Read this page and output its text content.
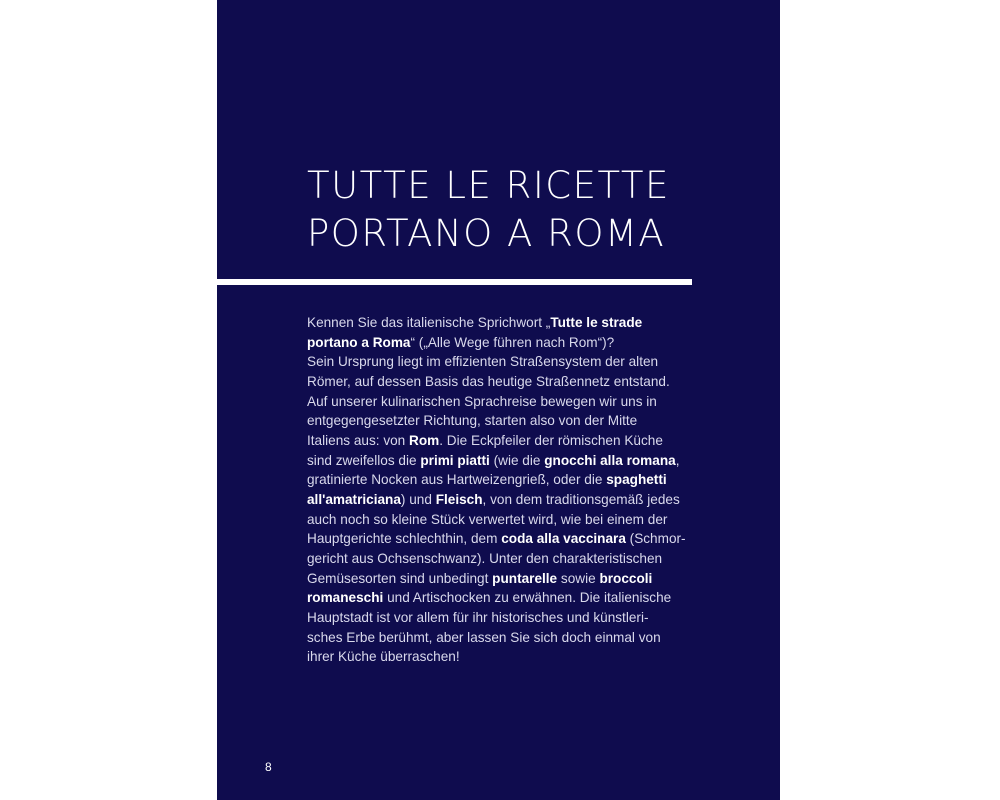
TUTTE LE RICETTE
PORTANO A ROMA

Kennen Sie das italienische Sprichwort „Tutte le strade
portano a Roma“ („Alle Wege führen nach Rom“)?
Sein Ursprung liegt im effizienten Straßensystem der alten
Römer, auf dessen Basis das heutige Straßennetz entstand.
Auf unserer kulinarischen Sprachreise bewegen wir uns in
entgegengesetzter Richtung, starten also von der Mitte
Italiens aus: von Rom. Die Eckpfeiler der römischen Küche
sind zweifellos die primi piatti (wie die gnocchi alla romana,
gratinierte Nocken aus Hartweizengrieß, oder die spaghetti
all'amatriciana) und Fleisch, von dem traditionsgemäß jedes
auch noch so kleine Stück verwertet wird, wie bei einem der
Hauptgerichte schlechthin, dem coda alla vaccinara (Schmor-
gericht aus Ochsenschwanz). Unter den charakteristischen
Gemüsesorten sind unbedingt puntarelle sowie broccoli
romaneschi und Artischocken zu erwähnen. Die italienische
Hauptstadt ist vor allem für ihr historisches und künstleri-
sches Erbe berühmt, aber lassen Sie sich doch einmal von
ihrer Küche überraschen!

8
